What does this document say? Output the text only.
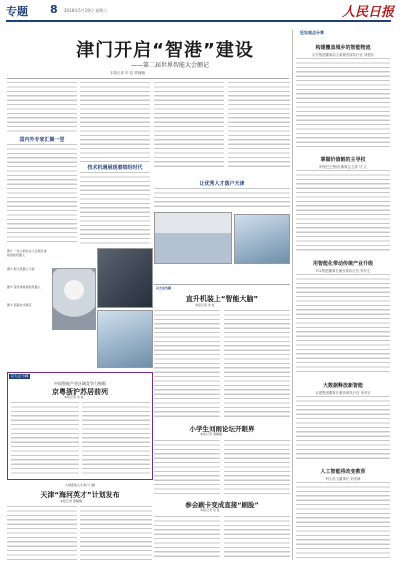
专题 8 2018年5月19日 星期六	人民日报
津门开启“智港”建设
——第二届世界智能大会侧记
本报记者 朱 虹 蔡楠楠
国内外专家汇聚一堂
技术机遇展现着缤纷时代
图① 一位小朋友在大会展区体验智能机器人
图② 展示机器人分拣
图③ 观众体验智能机器人
图④ 高新技术展区
让优秀人才落户天津
以大会为媒
直升机装上“智能大脑”
本报记者 朱 虹
小学生刘雨论坛开眼界
本报记者 蔡楠楠
参会刷卡变成直接“刷脸”
本报记者 朱 虹
以大会为媒
中国智能产业区域竞争力指数
京粤浙沪苏居前列
本报记者 朱 虹
大城落地人才落户门槛
天津“海河英才”计划发布
本报记者 蔡楠楠
论坛观点分享
构建覆盖城乡的智能物流
京东集团董事局主席兼首席执行官 刘强东
掌握价值链的主导权
阿里巴巴集团 董事会主席 马 云
用智能化带动传统产业升级
TCL集团董事长兼首席执行官 李东生
大数据释放新智能
百度集团董事长兼首席执行官 李彦宏
人工智能将改变教育
科大讯飞董事长 刘庆峰
